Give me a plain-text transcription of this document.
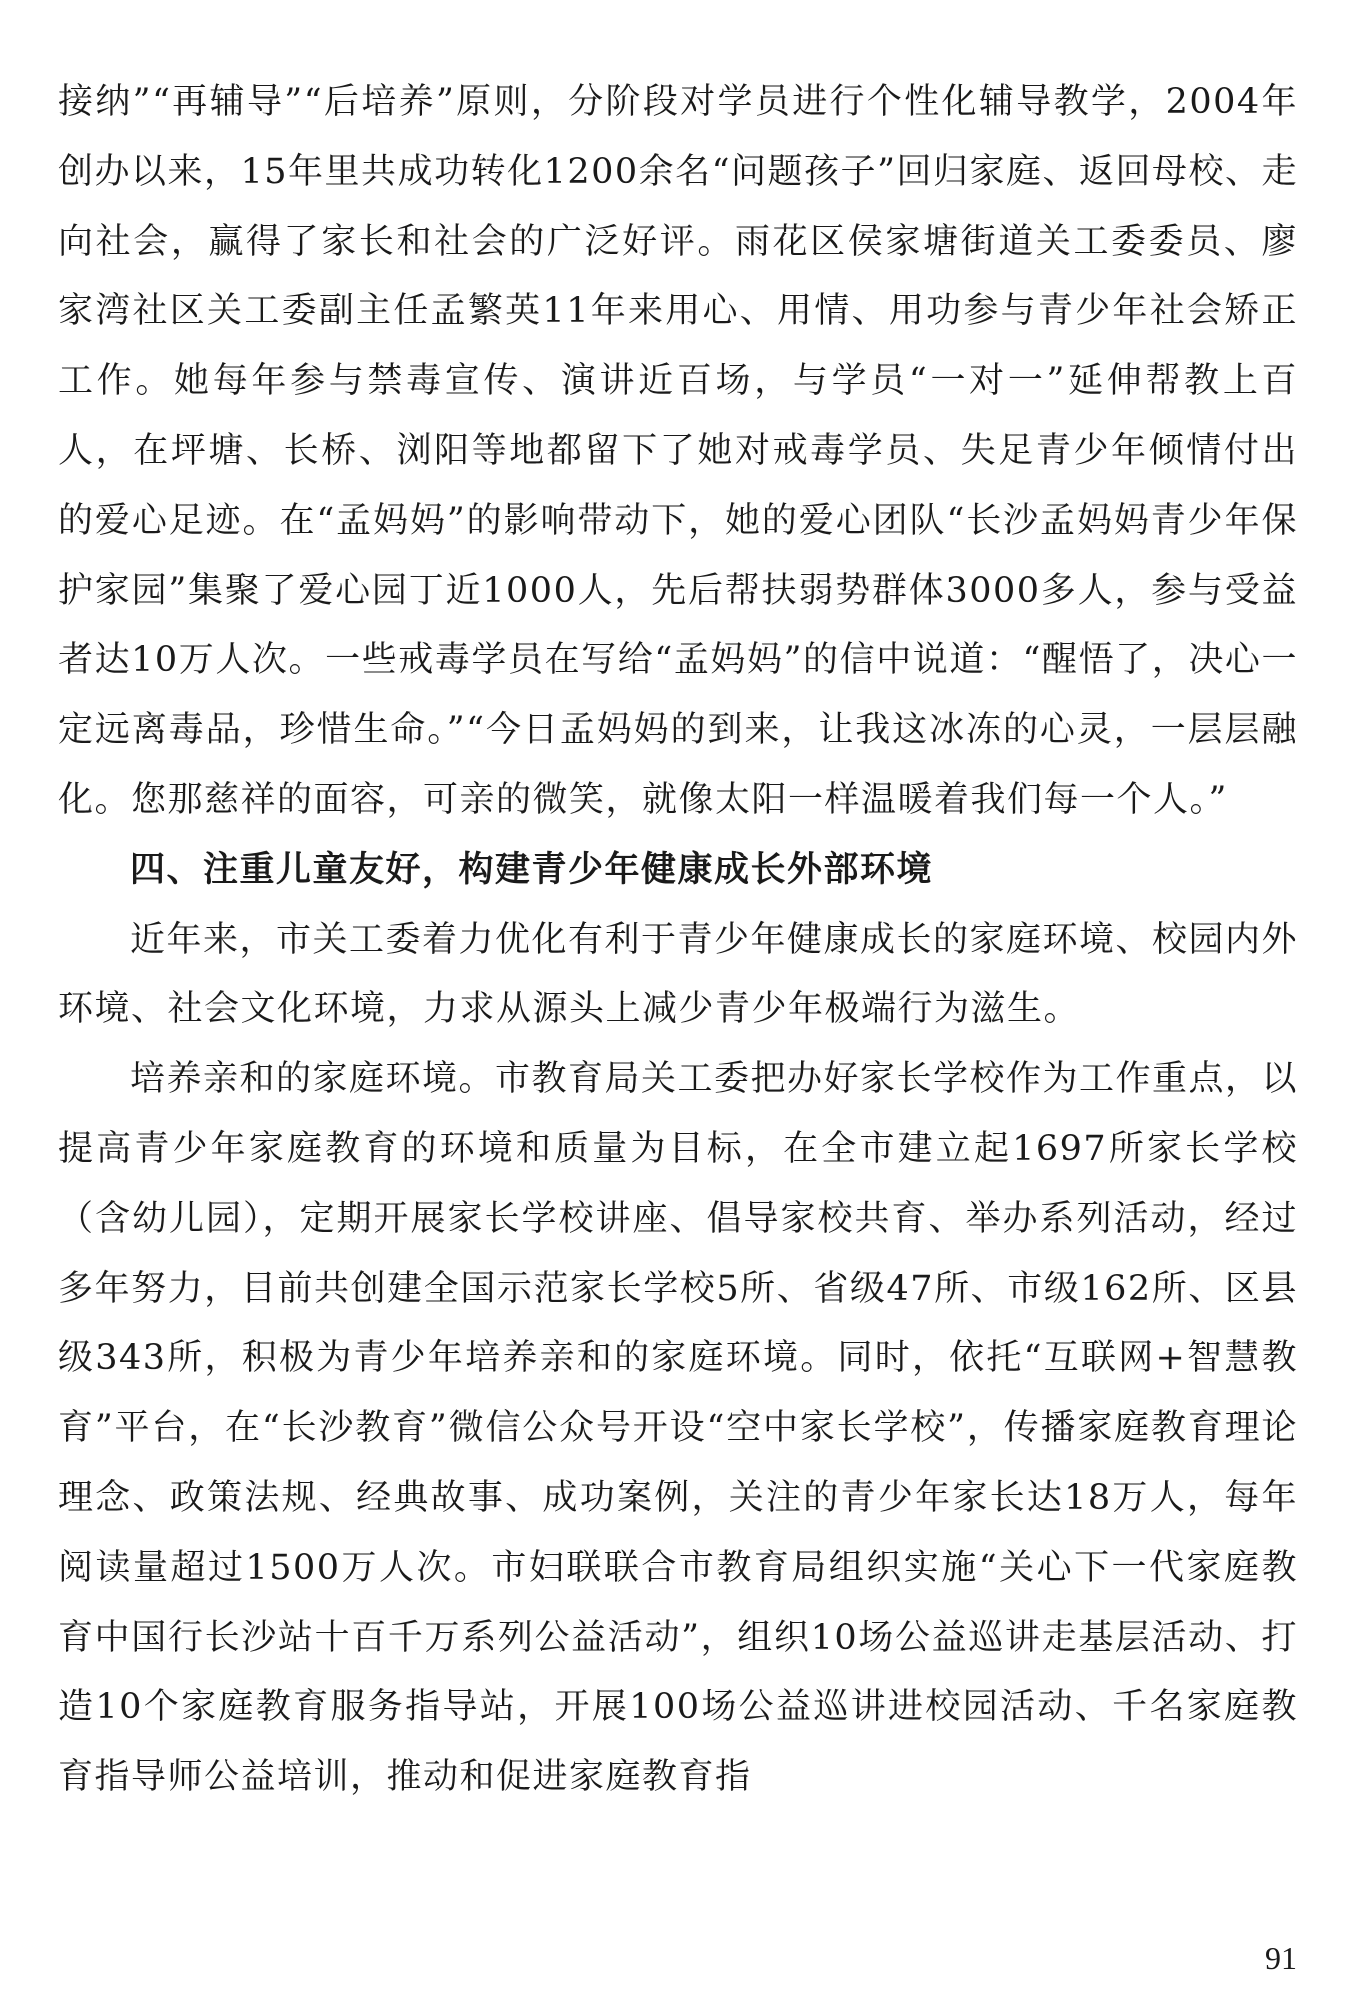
接纳”“再辅导”“后培养”原则，分阶段对学员进行个性化辅导教学，2004年创办以来，15年里共成功转化1200余名“问题孩子”回归家庭、返回母校、走向社会，赢得了家长和社会的广泛好评。雨花区侯家塘街道关工委委员、廖家湾社区关工委副主任孟繁英11年来用心、用情、用功参与青少年社会矫正工作。她每年参与禁毒宣传、演讲近百场，与学员“一对一”延伸帮教上百人，在坪塘、长桥、浏阳等地都留下了她对戒毒学员、失足青少年倾情付出的爱心足迹。在“孟妈妈”的影响带动下，她的爱心团队“长沙孟妈妈青少年保护家园”集聚了爱心园丁近1000人，先后帮扶弱势群体3000多人，参与受益者达10万人次。一些戒毒学员在写给“孟妈妈”的信中说道：“醒悟了，决心一定远离毒品，珍惜生命。”“今日孟妈妈的到来，让我这冰冻的心灵，一层层融化。您那慈祥的面容，可亲的微笑，就像太阳一样温暖着我们每一个人。”

四、注重儿童友好，构建青少年健康成长外部环境

近年来，市关工委着力优化有利于青少年健康成长的家庭环境、校园内外环境、社会文化环境，力求从源头上减少青少年极端行为滋生。

培养亲和的家庭环境。市教育局关工委把办好家长学校作为工作重点，以提高青少年家庭教育的环境和质量为目标，在全市建立起1697所家长学校（含幼儿园），定期开展家长学校讲座、倡导家校共育、举办系列活动，经过多年努力，目前共创建全国示范家长学校5所、省级47所、市级162所、区县级343所，积极为青少年培养亲和的家庭环境。同时，依托“互联网+智慧教育”平台，在“长沙教育”微信公众号开设“空中家长学校”，传播家庭教育理论理念、政策法规、经典故事、成功案例，关注的青少年家长达18万人，每年阅读量超过1500万人次。市妇联联合市教育局组织实施“关心下一代家庭教育中国行长沙站十百千万系列公益活动”，组织10场公益巡讲走基层活动、打造10个家庭教育服务指导站，开展100场公益巡讲进校园活动、千名家庭教育指导师公益培训，推动和促进家庭教育指

91
